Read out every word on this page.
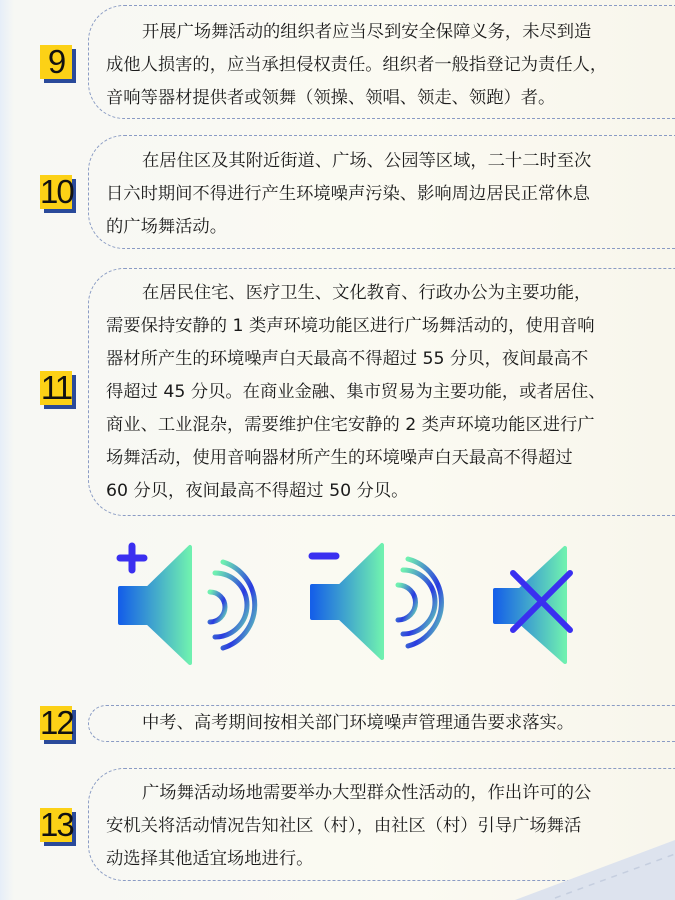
9
开展广场舞活动的组织者应当尽到安全保障义务，未尽到造
成他人损害的，应当承担侵权责任。组织者一般指登记为责任人，
音响等器材提供者或领舞（领操、领唱、领走、领跑）者。
10
在居住区及其附近街道、广场、公园等区域，二十二时至次
日六时期间不得进行产生环境噪声污染、影响周边居民正常休息
的广场舞活动。
11
在居民住宅、医疗卫生、文化教育、行政办公为主要功能，
需要保持安静的 1 类声环境功能区进行广场舞活动的，使用音响
器材所产生的环境噪声白天最高不得超过 55 分贝，夜间最高不
得超过 45 分贝。在商业金融、集市贸易为主要功能，或者居住、
商业、工业混杂，需要维护住宅安静的 2 类声环境功能区进行广
场舞活动，使用音响器材所产生的环境噪声白天最高不得超过
60 分贝，夜间最高不得超过 50 分贝。
12	中考、高考期间按相关部门环境噪声管理通告要求落实。
13
广场舞活动场地需要举办大型群众性活动的，作出许可的公
安机关将活动情况告知社区（村），由社区（村）引导广场舞活
动选择其他适宜场地进行。
